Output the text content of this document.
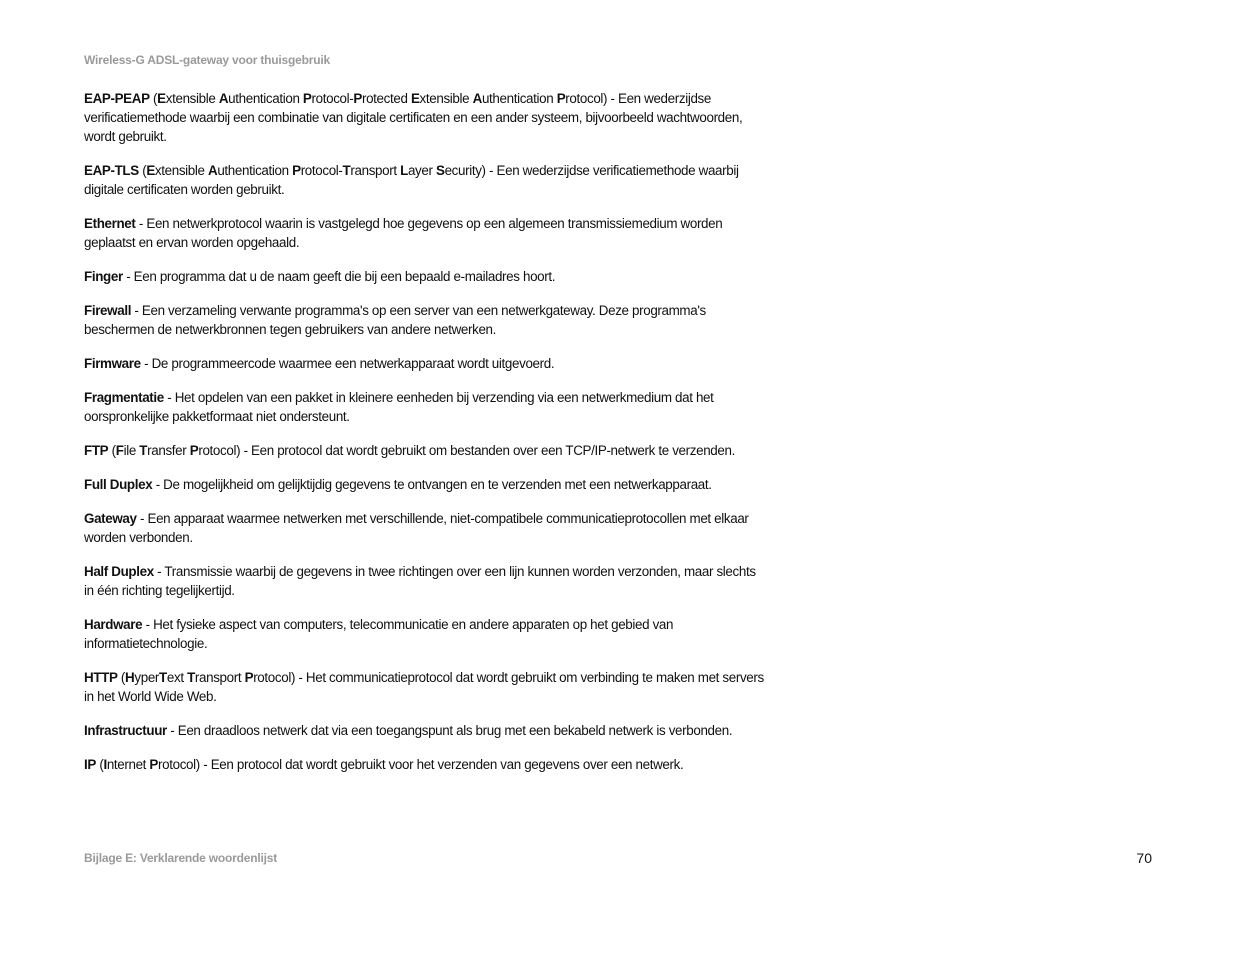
Wireless-G ADSL-gateway voor thuisgebruik

EAP-PEAP (Extensible Authentication Protocol-Protected Extensible Authentication Protocol) - Een wederzijdse verificatiemethode waarbij een combinatie van digitale certificaten en een ander systeem, bijvoorbeeld wachtwoorden, wordt gebruikt.

EAP-TLS (Extensible Authentication Protocol-Transport Layer Security) - Een wederzijdse verificatiemethode waarbij digitale certificaten worden gebruikt.

Ethernet - Een netwerkprotocol waarin is vastgelegd hoe gegevens op een algemeen transmissiemedium worden geplaatst en ervan worden opgehaald.

Finger - Een programma dat u de naam geeft die bij een bepaald e-mailadres hoort.

Firewall - Een verzameling verwante programma's op een server van een netwerkgateway. Deze programma's beschermen de netwerkbronnen tegen gebruikers van andere netwerken.

Firmware - De programmeercode waarmee een netwerkapparaat wordt uitgevoerd.

Fragmentatie - Het opdelen van een pakket in kleinere eenheden bij verzending via een netwerkmedium dat het oorspronkelijke pakketformaat niet ondersteunt.

FTP (File Transfer Protocol) - Een protocol dat wordt gebruikt om bestanden over een TCP/IP-netwerk te verzenden.

Full Duplex - De mogelijkheid om gelijktijdig gegevens te ontvangen en te verzenden met een netwerkapparaat.

Gateway - Een apparaat waarmee netwerken met verschillende, niet-compatibele communicatieprotocollen met elkaar worden verbonden.

Half Duplex - Transmissie waarbij de gegevens in twee richtingen over een lijn kunnen worden verzonden, maar slechts in één richting tegelijkertijd.

Hardware - Het fysieke aspect van computers, telecommunicatie en andere apparaten op het gebied van informatietechnologie.

HTTP (HyperText Transport Protocol) - Het communicatieprotocol dat wordt gebruikt om verbinding te maken met servers in het World Wide Web.

Infrastructuur - Een draadloos netwerk dat via een toegangspunt als brug met een bekabeld netwerk is verbonden.

IP (Internet Protocol) - Een protocol dat wordt gebruikt voor het verzenden van gegevens over een netwerk.

Bijlage E: Verklarende woordenlijst	70
